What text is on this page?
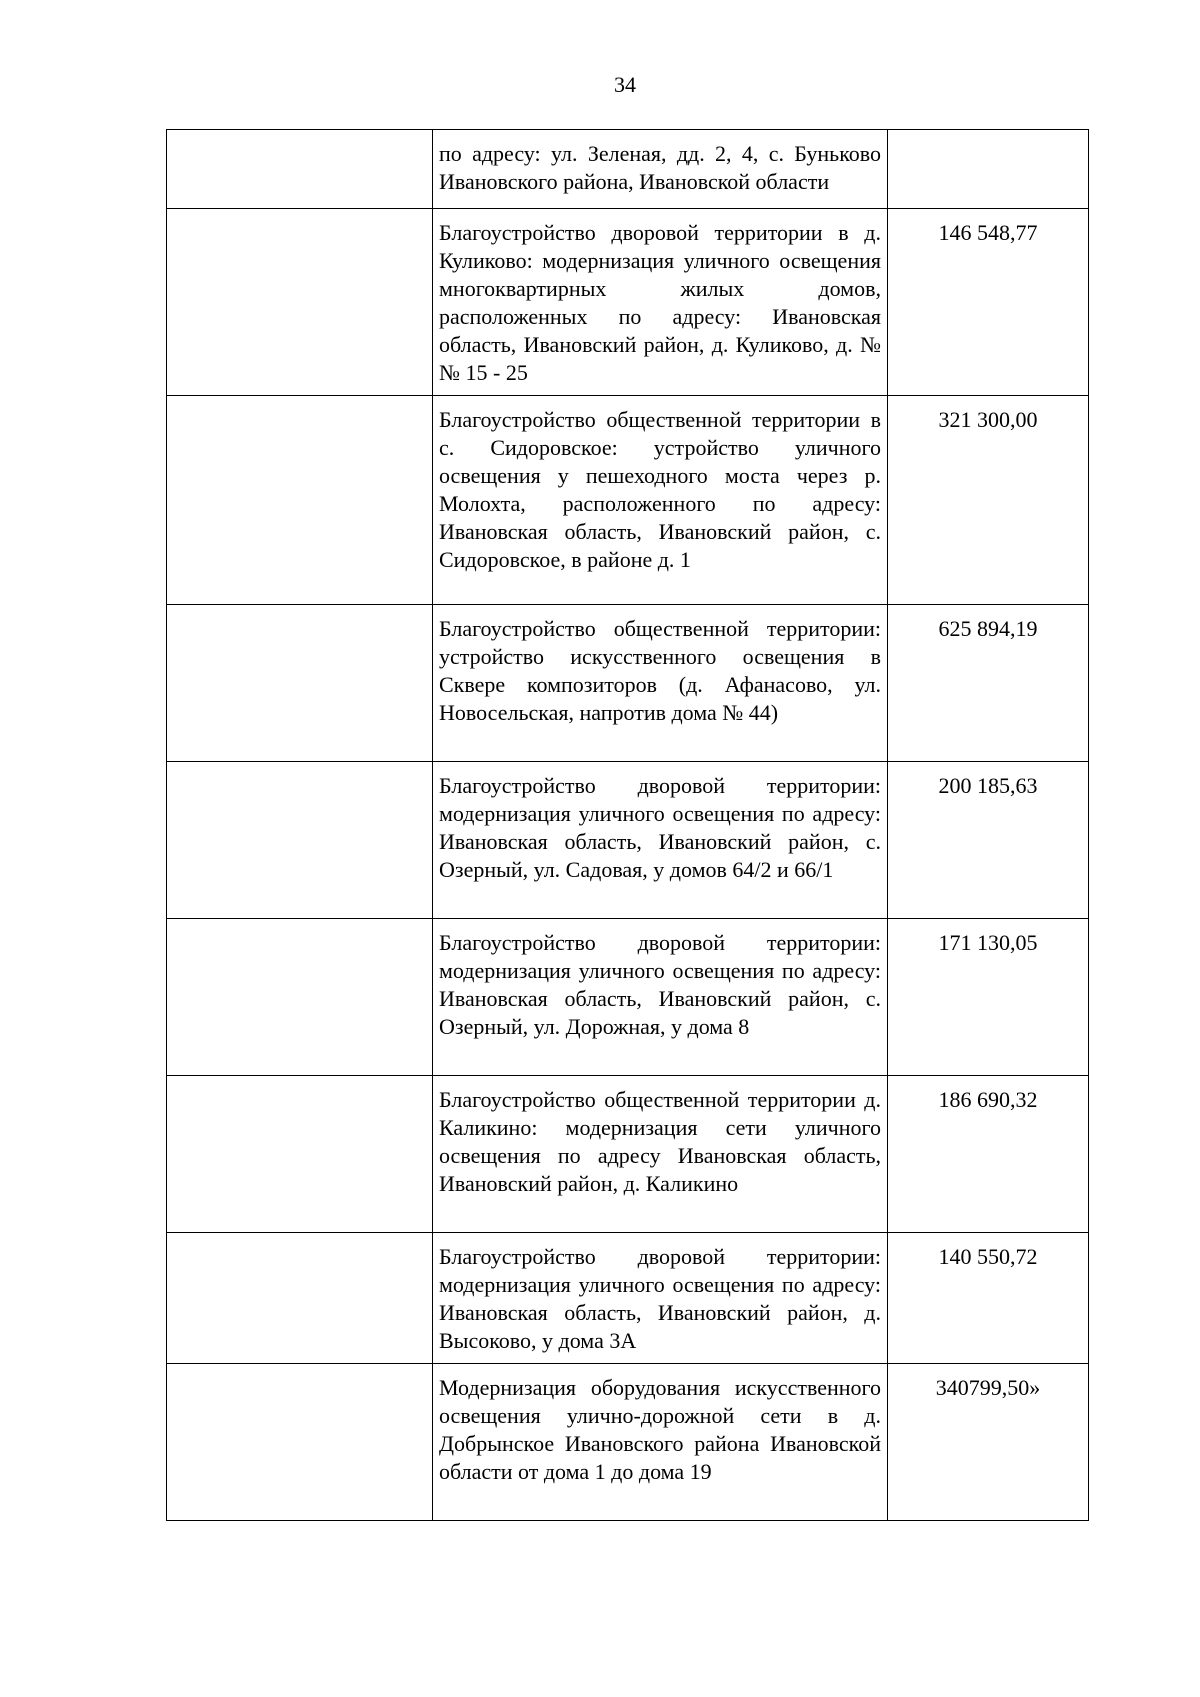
34
	по адресу: ул. Зеленая, дд. 2, 4, с. Буньково Ивановского района, Ивановской области	
	Благоустройство дворовой территории в д. Куликово: модернизация уличного освещения многоквартирных жилых домов, расположенных по адресу: Ивановская область, Ивановский район, д. Куликово, д. №№ 15 - 25	146 548,77
	Благоустройство общественной территории в с. Сидоровское: устройство уличного освещения у пешеходного моста через р. Молохта, расположенного по адресу: Ивановская область, Ивановский район, с. Сидоровское, в районе д. 1	321 300,00
	Благоустройство общественной территории: устройство искусственного освещения в Сквере композиторов (д. Афанасово, ул. Новосельская, напротив дома № 44)	625 894,19
	Благоустройство дворовой территории: модернизация уличного освещения по адресу: Ивановская область, Ивановский район, с. Озерный, ул. Садовая, у домов 64/2 и 66/1	200 185,63
	Благоустройство дворовой территории: модернизация уличного освещения по адресу: Ивановская область, Ивановский район, с. Озерный, ул. Дорожная, у дома 8	171 130,05
	Благоустройство общественной территории д. Каликино: модернизация сети уличного освещения по адресу Ивановская область, Ивановский район, д. Каликино	186 690,32
	Благоустройство дворовой территории: модернизация уличного освещения по адресу: Ивановская область, Ивановский район, д. Высоково, у дома 3А	140 550,72
	Модернизация оборудования искусственного освещения улично-дорожной сети в д. Добрынское Ивановского района Ивановской области от дома 1 до дома 19	340799,50»
